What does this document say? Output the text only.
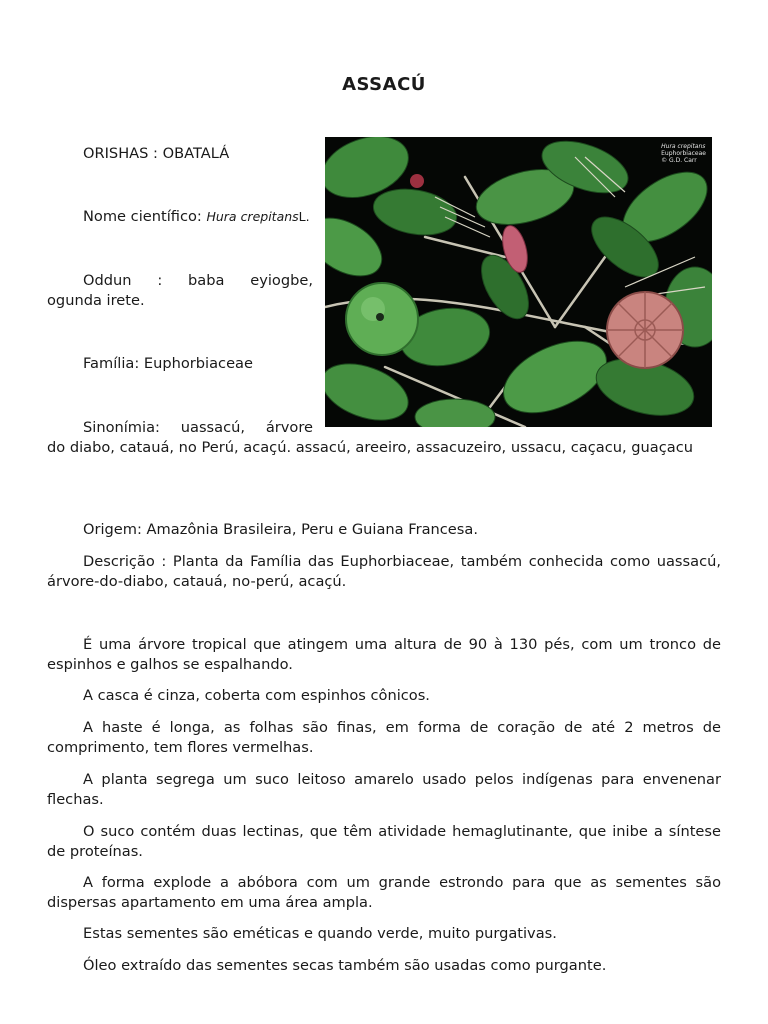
ASSACÚ

ORISHAS : OBATALÁ

Nome científico: Hura crepitansL.

Oddun : baba eyiogbe,

ogunda irete.

Família: Euphorbiaceae

Sinonímia: uassacú, árvore

do diabo, catauá, no Perú, acaçú. assacú, areeiro, assacuzeiro, ussacu, caçacu, guaçacu

Origem: Amazônia Brasileira, Peru e Guiana Francesa.

Descrição : Planta da Família das Euphorbiaceae, também conhecida como uassacú, árvore-do-diabo, catauá, no-perú, acaçú.

É uma árvore tropical que atingem uma altura de 90 à 130 pés, com um tronco de espinhos e galhos se espalhando.

A casca é cinza, coberta com espinhos cônicos.

A haste é longa, as folhas são finas, em forma de coração de até 2 metros de comprimento, tem flores vermelhas.

A planta segrega um suco leitoso amarelo usado pelos indígenas para envenenar flechas.

O suco contém duas lectinas, que têm atividade hemaglutinante, que inibe a síntese de proteínas.

A forma explode a abóbora com um grande estrondo para que as sementes são dispersas apartamento em uma área ampla.

Estas sementes são eméticas e quando verde, muito purgativas.

Óleo extraído das sementes secas também são usadas como purgante.

Hura crepitans
Euphorbiaceae
© G.D. Carr
